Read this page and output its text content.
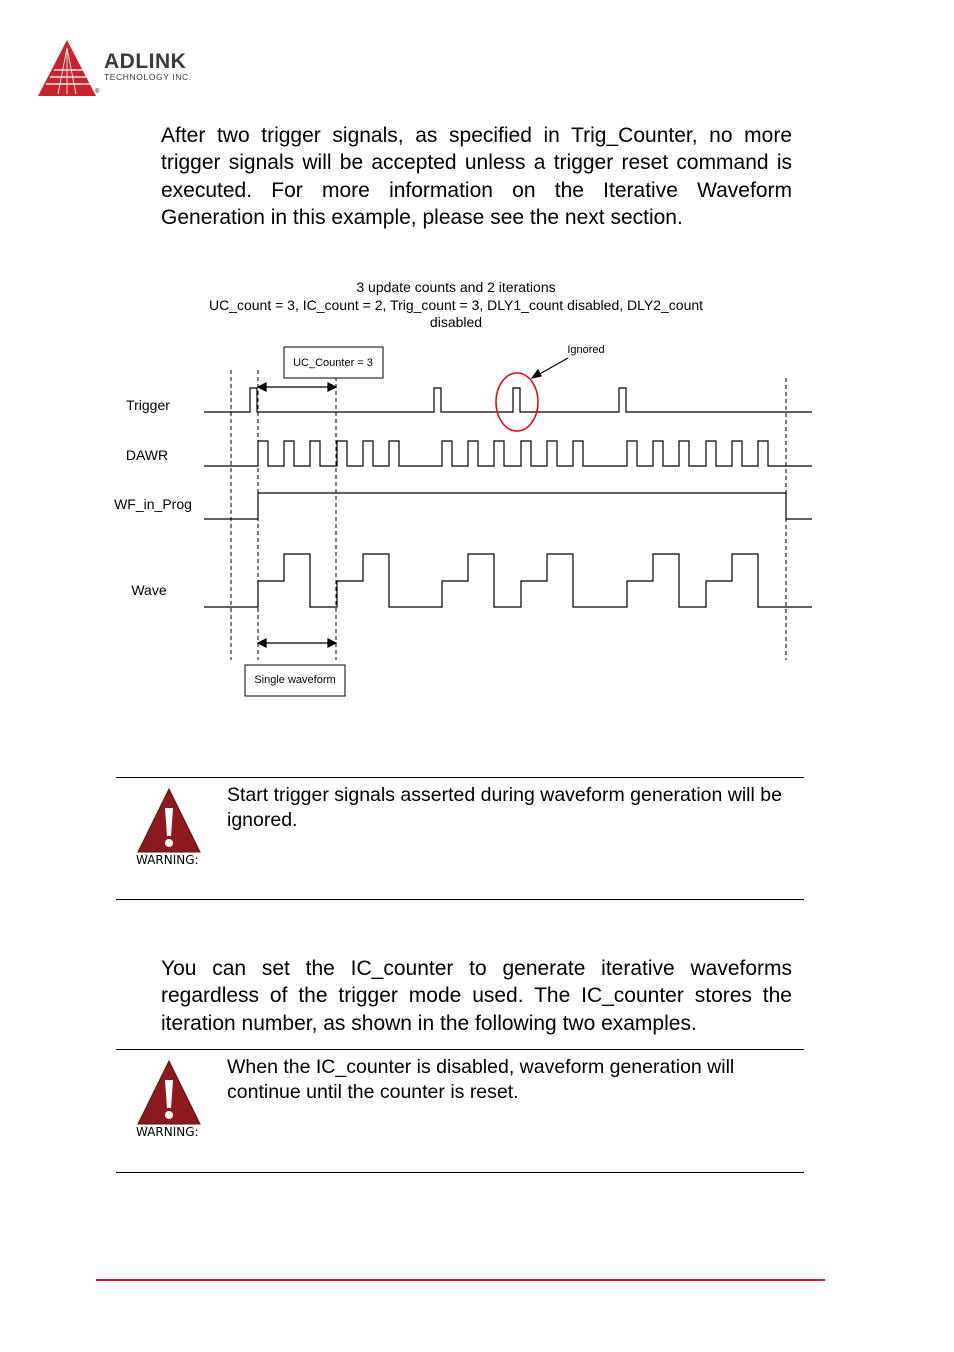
ADLINK
TECHNOLOGY INC.
®

After two trigger signals, as specified in Trig_Counter, no more trigger signals will be accepted unless a trigger reset command is executed. For more information on the Iterative Waveform Generation in this example, please see the next section.

3 update counts and 2 iterations
UC_count = 3, IC_count = 2, Trig_count = 3, DLY1_count disabled, DLY2_count
disabled
Trigger
DAWR
WF_in_Prog
Wave
UC_Counter = 3
Ignored
Single waveform
WARNING:
Start trigger signals asserted during waveform generation will be ignored.

You can set the IC_counter to generate iterative waveforms regardless of the trigger mode used. The IC_counter stores the iteration number, as shown in the following two examples.

WARNING:
When the IC_counter is disabled, waveform generation will continue until the counter is reset.
